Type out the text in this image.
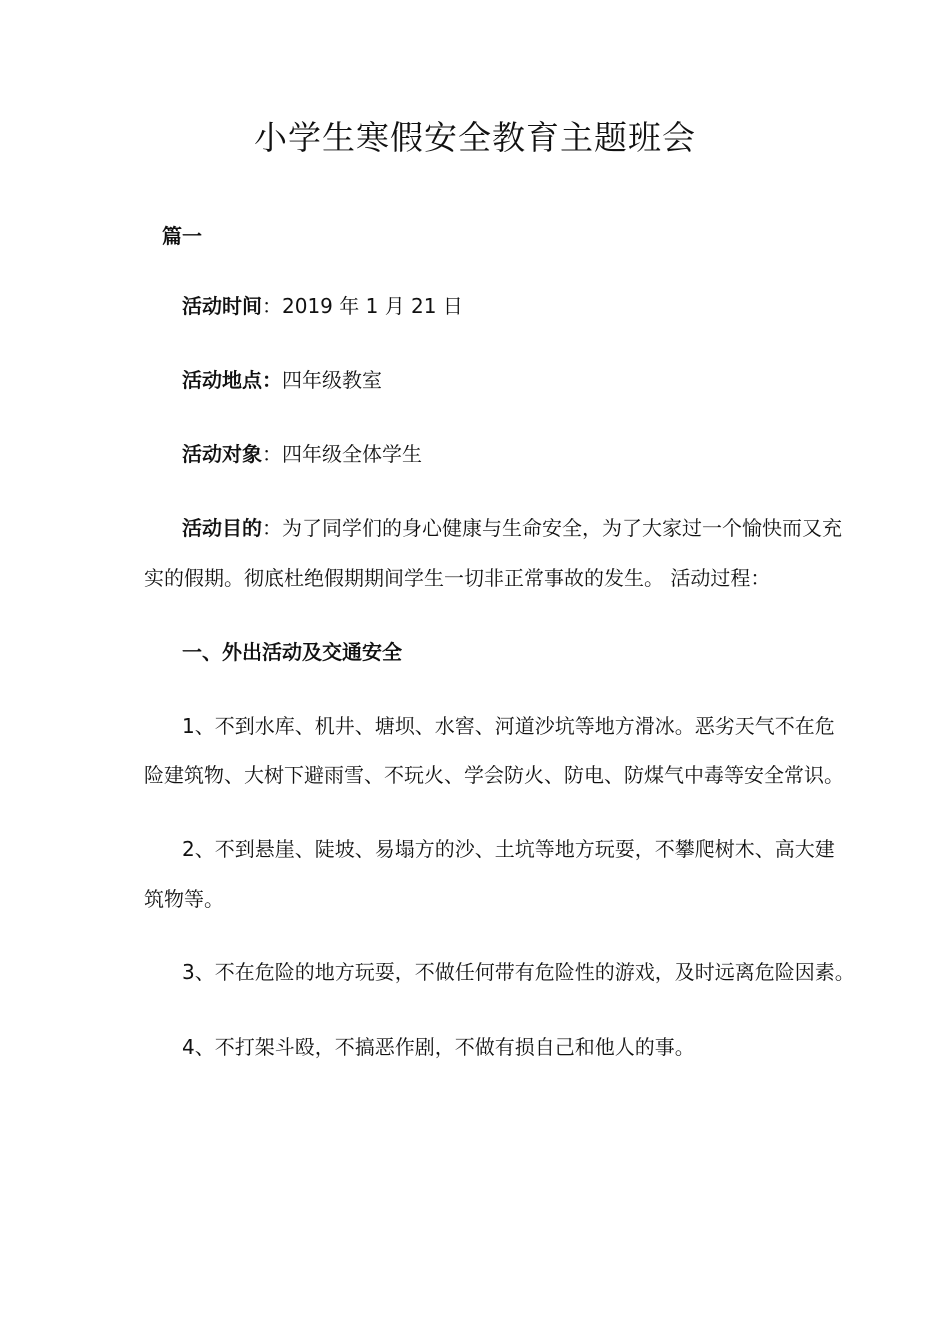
小学生寒假安全教育主题班会
篇一
活动时间：2019 年 1 月 21 日
活动地点：四年级教室
活动对象：四年级全体学生
活动目的：为了同学们的身心健康与生命安全，为了大家过一个愉快而又充
实的假期。彻底杜绝假期期间学生一切非正常事故的发生。 活动过程：
一、外出活动及交通安全
1、不到水库、机井、塘坝、水窖、河道沙坑等地方滑冰。恶劣天气不在危
险建筑物、大树下避雨雪、不玩火、学会防火、防电、防煤气中毒等安全常识。
2、不到悬崖、陡坡、易塌方的沙、土坑等地方玩耍，不攀爬树木、高大建
筑物等。
3、不在危险的地方玩耍，不做任何带有危险性的游戏，及时远离危险因素。
4、不打架斗殴，不搞恶作剧，不做有损自己和他人的事。
